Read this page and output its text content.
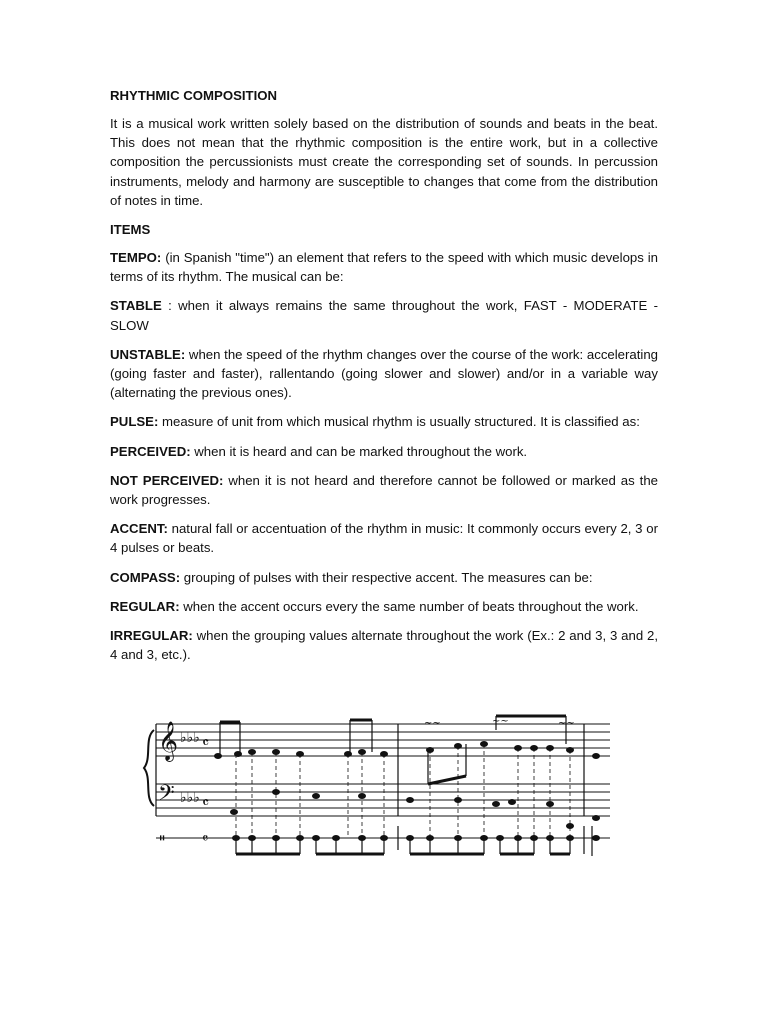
RHYTHMIC COMPOSITION

It is a musical work written solely based on the distribution of sounds and beats in the beat. This does not mean that the rhythmic composition is the entire work, but in a collective composition the percussionists must create the corresponding set of sounds. In percussion instruments, melody and harmony are susceptible to changes that come from the distribution of notes in time.

ITEMS

TEMPO: (in Spanish "time") an element that refers to the speed with which music develops in terms of its rhythm. The musical can be:

STABLE : when it always remains the same throughout the work, FAST - MODERATE - SLOW

UNSTABLE: when the speed of the rhythm changes over the course of the work: accelerating (going faster and faster), rallentando (going slower and slower) and/or in a variable way (alternating the previous ones).

PULSE: measure of unit from which musical rhythm is usually structured. It is classified as:

PERCEIVED: when it is heard and can be marked throughout the work.

NOT PERCEIVED: when it is not heard and therefore cannot be followed or marked as the work progresses.

ACCENT: natural fall or accentuation of the rhythm in music: It commonly occurs every 2, 3 or 4 pulses or beats.

COMPASS: grouping of pulses with their respective accent. The measures can be:

REGULAR: when the accent occurs every the same number of beats throughout the work.

IRREGULAR: when the grouping values alternate throughout the work (Ex.: 2 and 3, 3 and 2, 4 and 3, etc.).

𝄞
𝄢
♭♭♭
♭♭♭
𝄴
𝄴
𝄴
𝄥
~~	~~	~~
